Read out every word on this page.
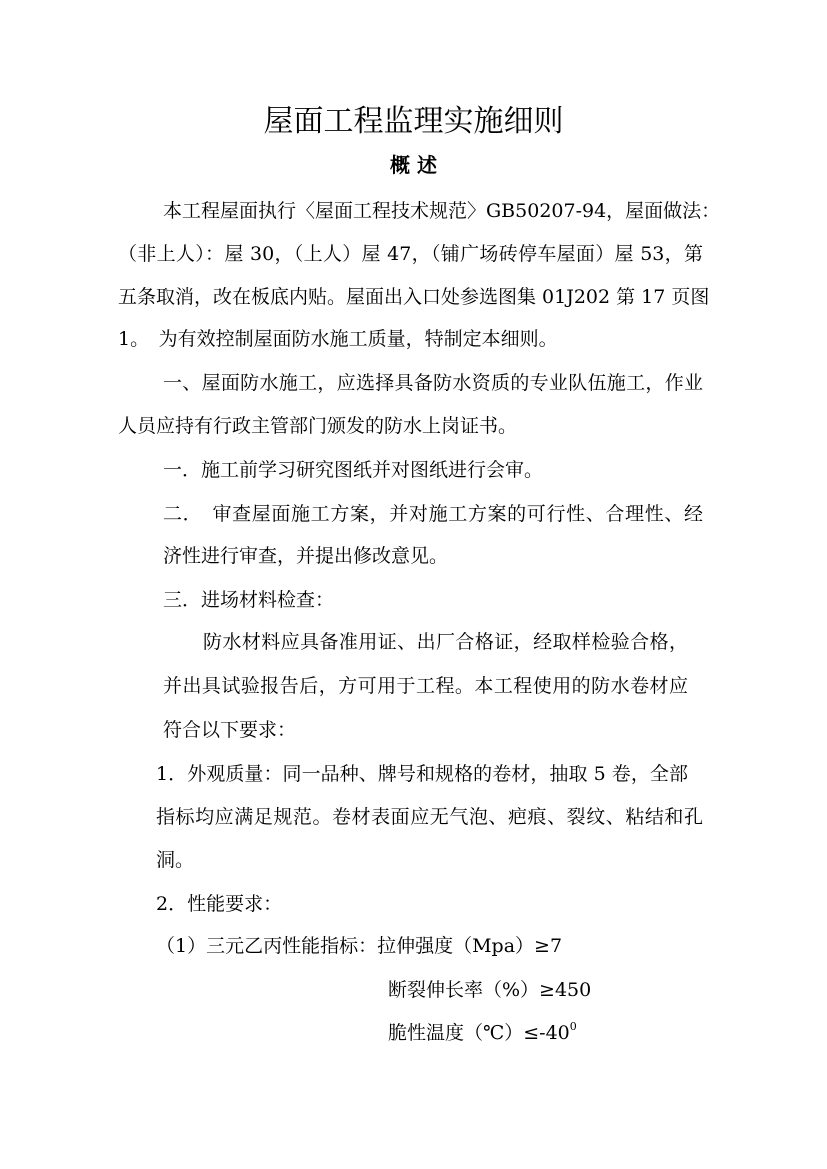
屋面工程监理实施细则
概 述
本工程屋面执行〈屋面工程技术规范〉GB50207-94，屋面做法：
（非上人）：屋 30，（上人）屋 47，（铺广场砖停车屋面）屋 53，第
五条取消，改在板底内贴。屋面出入口处参选图集 01J202 第 17 页图
1。　为有效控制屋面防水施工质量，特制定本细则。
一、屋面防水施工，应选择具备防水资质的专业队伍施工，作业
人员应持有行政主管部门颁发的防水上岗证书。
一．施工前学习研究图纸并对图纸进行会审。
二．　审查屋面施工方案，并对施工方案的可行性、合理性、经
济性进行审查，并提出修改意见。
三．进场材料检查：
防水材料应具备准用证、出厂合格证，经取样检验合格，
并出具试验报告后，方可用于工程。本工程使用的防水卷材应
符合以下要求：
1．外观质量：同一品种、牌号和规格的卷材，抽取 5 卷，全部
指标均应满足规范。卷材表面应无气泡、疤痕、裂纹、粘结和孔
洞。
2．性能要求：
（1）三元乙丙性能指标：拉伸强度（Mpa）≥7
断裂伸长率（%）≥450
脆性温度$(℃)\le-40^0$
